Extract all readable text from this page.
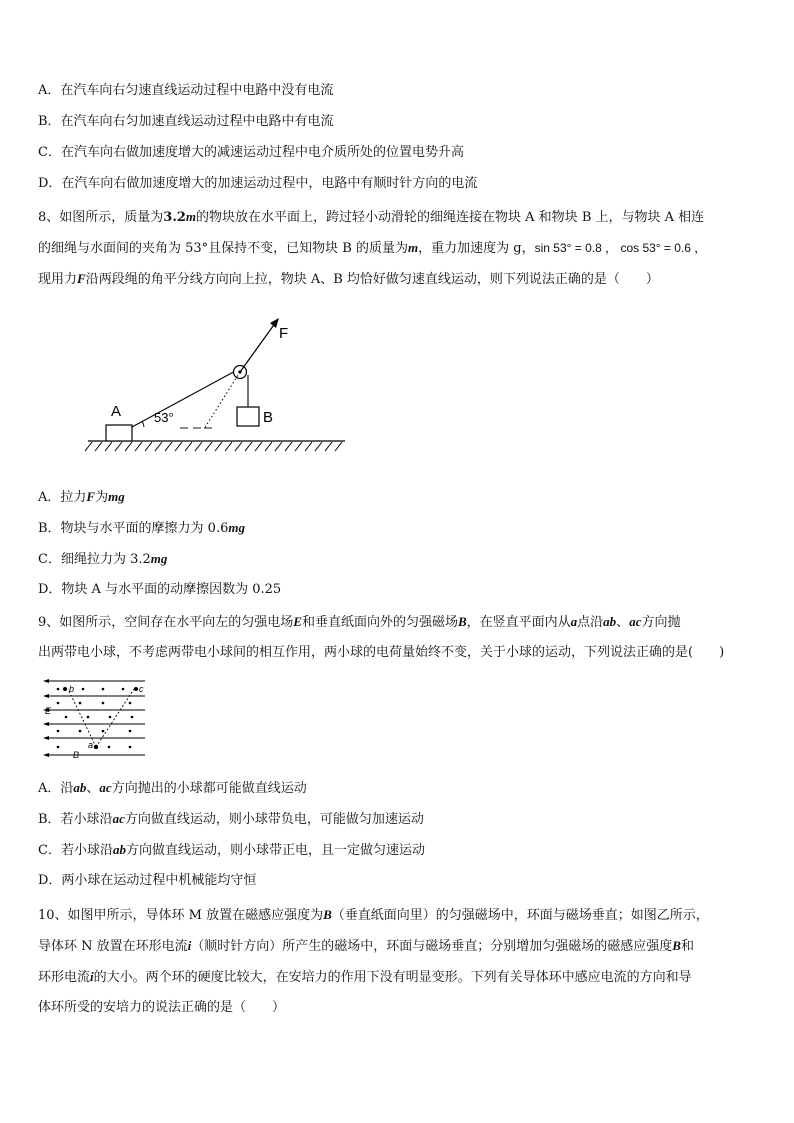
A．在汽车向右匀速直线运动过程中电路中没有电流
B．在汽车向右匀加速直线运动过程中电路中有电流
C．在汽车向右做加速度增大的减速运动过程中电介质所处的位置电势升高
D．在汽车向右做加速度增大的加速运动过程中，电路中有顺时针方向的电流
8、如图所示，质量为3.2m的物块放在水平面上，跨过轻小动滑轮的细绳连接在物块 A 和物块 B 上，与物块 A 相连
的细绳与水面间的夹角为 53°且保持不变，已知物块 B 的质量为m，重力加速度为 g，sin 53° = 0.8 ， cos 53° = 0.6 ，
现用力F沿两段绳的角平分线方向向上拉，物块 A、B 均恰好做匀速直线运动，则下列说法正确的是（　　）
53°
F
A	B
A．拉力F为mg
B．物块与水平面的摩擦力为 0.6mg
C．细绳拉力为 3.2mg
D．物块 A 与水平面的动摩擦因数为 0.25
9、如图所示，空间存在水平向左的匀强电场E和垂直纸面向外的匀强磁场B，在竖直平面内从a点沿ab、ac方向抛
出两带电小球，不考虑两带电小球间的相互作用，两小球的电荷量始终不变，关于小球的运动，下列说法正确的是(　　)
b	c
a
E
B
A．沿ab、ac方向抛出的小球都可能做直线运动
B．若小球沿ac方向做直线运动，则小球带负电，可能做匀加速运动
C．若小球沿ab方向做直线运动，则小球带正电，且一定做匀速运动
D．两小球在运动过程中机械能均守恒
10、如图甲所示，导体环 M 放置在磁感应强度为B（垂直纸面向里）的匀强磁场中，环面与磁场垂直；如图乙所示，
导体环 N 放置在环形电流i（顺时针方向）所产生的磁场中，环面与磁场垂直；分别增加匀强磁场的磁感应强度B和
环形电流i的大小。两个环的硬度比较大，在安培力的作用下没有明显变形。下列有关导体环中感应电流的方向和导
体环所受的安培力的说法正确的是（　　）
